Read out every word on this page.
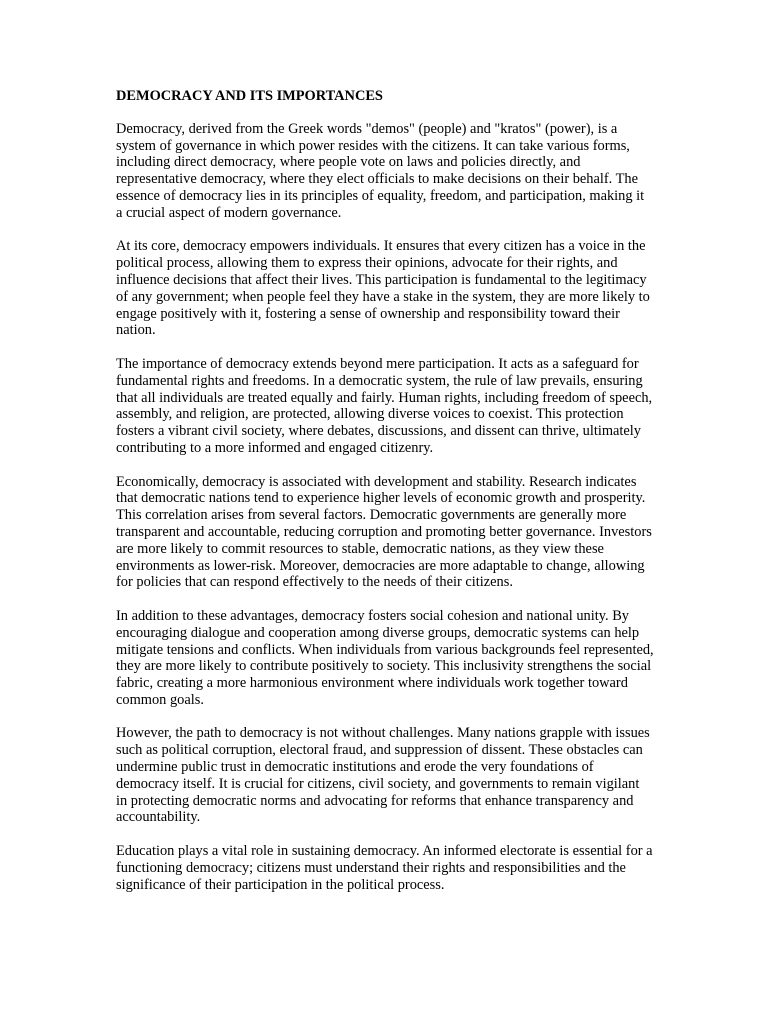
DEMOCRACY AND ITS IMPORTANCES

Democracy, derived from the Greek words "demos" (people) and "kratos" (power), is a system of governance in which power resides with the citizens. It can take various forms, including direct democracy, where people vote on laws and policies directly, and representative democracy, where they elect officials to make decisions on their behalf. The essence of democracy lies in its principles of equality, freedom, and participation, making it a crucial aspect of modern governance.

At its core, democracy empowers individuals. It ensures that every citizen has a voice in the political process, allowing them to express their opinions, advocate for their rights, and influence decisions that affect their lives. This participation is fundamental to the legitimacy of any government; when people feel they have a stake in the system, they are more likely to engage positively with it, fostering a sense of ownership and responsibility toward their nation.

The importance of democracy extends beyond mere participation. It acts as a safeguard for fundamental rights and freedoms. In a democratic system, the rule of law prevails, ensuring that all individuals are treated equally and fairly. Human rights, including freedom of speech, assembly, and religion, are protected, allowing diverse voices to coexist. This protection fosters a vibrant civil society, where debates, discussions, and dissent can thrive, ultimately contributing to a more informed and engaged citizenry.

Economically, democracy is associated with development and stability. Research indicates that democratic nations tend to experience higher levels of economic growth and prosperity. This correlation arises from several factors. Democratic governments are generally more transparent and accountable, reducing corruption and promoting better governance. Investors are more likely to commit resources to stable, democratic nations, as they view these environments as lower-risk. Moreover, democracies are more adaptable to change, allowing for policies that can respond effectively to the needs of their citizens.

In addition to these advantages, democracy fosters social cohesion and national unity. By encouraging dialogue and cooperation among diverse groups, democratic systems can help mitigate tensions and conflicts. When individuals from various backgrounds feel represented, they are more likely to contribute positively to society. This inclusivity strengthens the social fabric, creating a more harmonious environment where individuals work together toward common goals.

However, the path to democracy is not without challenges. Many nations grapple with issues such as political corruption, electoral fraud, and suppression of dissent. These obstacles can undermine public trust in democratic institutions and erode the very foundations of democracy itself. It is crucial for citizens, civil society, and governments to remain vigilant in protecting democratic norms and advocating for reforms that enhance transparency and accountability.

Education plays a vital role in sustaining democracy. An informed electorate is essential for a functioning democracy; citizens must understand their rights and responsibilities and the significance of their participation in the political process.
